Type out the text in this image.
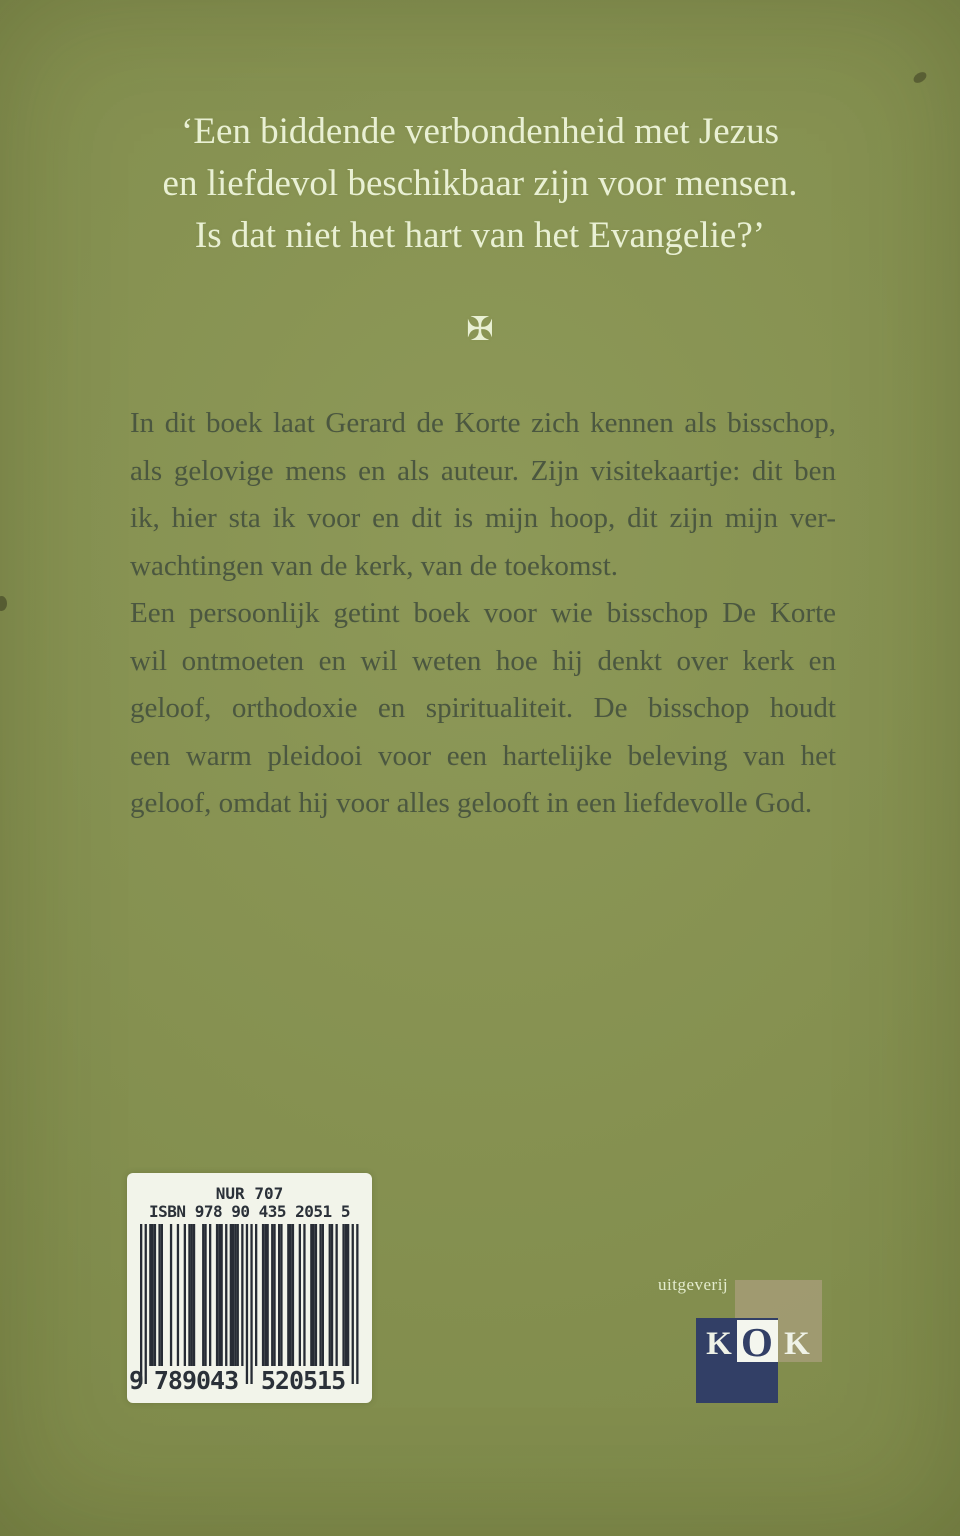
‘Een biddende verbondenheid met Jezus
en liefdevol beschikbaar zijn voor mensen.
Is dat niet het hart van het Evangelie?’
✠
In dit boek laat Gerard de Korte zich kennen als bisschop,
als gelovige mens en als auteur. Zijn visitekaartje: dit ben
ik, hier sta ik voor en dit is mijn hoop, dit zijn mijn ver-
wachtingen van de kerk, van de toekomst.
Een persoonlijk getint boek voor wie bisschop De Korte
wil ontmoeten en wil weten hoe hij denkt over kerk en
geloof, orthodoxie en spiritualiteit. De bisschop houdt
een warm pleidooi voor een hartelijke beleving van het
geloof, omdat hij voor alles gelooft in een liefdevolle God.
NUR 707
ISBN 978 90 435 2051 5
9 789043 520515
uitgeverij
K O K
